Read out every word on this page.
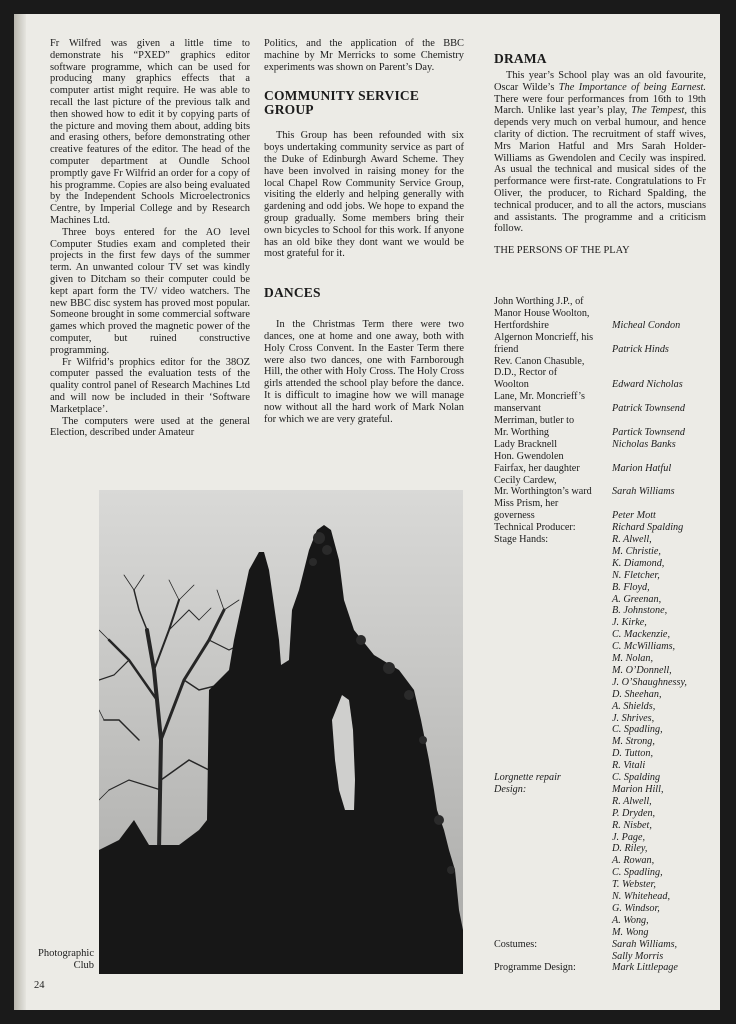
Fr Wilfred was given a little time to demonstrate his “PXED” graphics editor software programme, which can be used for producing many graphics effects that a computer artist might require. He was able to recall the last picture of the previous talk and then showed how to edit it by copying parts of the picture and moving them about, adding bits and erasing others, before demonstrating other creative features of the editor. The head of the computer department at Oundle School promptly gave Fr Wilfrid an order for a copy of his programme. Copies are also being evaluated by the Independent Schools Microelectronics Centre, by Imperial College and by Research Machines Ltd.

Three boys entered for the AO level Computer Studies exam and completed their projects in the first few days of the summer term. An unwanted colour TV set was kindly given to Ditcham so their computer could be kept apart form the TV/ video watchers. The new BBC disc system has proved most popular. Someone brought in some commercial software games which proved the magnetic power of the computer, but ruined constructive programming.

Fr Wilfrid’s prophics editor for the 38OZ computer passed the evaluation tests of the quality control panel of Research Machines Ltd and will now be included in their ‘Software Marketplace’.

The computers were used at the general Election, described under Amateur

Politics, and the application of the BBC machine by Mr Merricks to some Chemistry experiments was shown on Parent’s Day.

COMMUNITY SERVICE GROUP

This Group has been refounded with six boys undertaking community service as part of the Duke of Edinburgh Award Scheme. They have been involved in raising money for the local Chapel Row Community Service Group, visiting the elderly and helping generally with gardening and odd jobs. We hope to expand the group gradually. Some members bring their own bicycles to School for this work. If anyone has an old bike they dont want we would be most grateful for it.

DANCES

In the Christmas Term there were two dances, one at home and one away, both with Holy Cross Convent. In the Easter Term there were also two dances, one with Farnborough Hill, the other with Holy Cross. The Holy Cross girls attended the school play before the dance. It is difficult to imagine how we will manage now without all the hard work of Mark Nolan for which we are very grateful.

DRAMA

This year’s School play was an old favourite, Oscar Wilde’s The Importance of being Earnest. There were four performances from 16th to 19th March. Unlike last year’s play, The Tempest, this depends very much on verbal humour, and hence clarity of diction. The recruitment of staff wives, Mrs Marion Hatful and Mrs Sarah Holder-Williams as Gwendolen and Cecily was inspired. As usual the technical and musical sides of the performance were first-rate. Congratulations to Fr Oliver, the producer, to Richard Spalding, the technical producer, and to all the actors, muscians and assistants. The programme and a criticism follow.

THE PERSONS OF THE PLAY
John Worthing J.P., of
Manor House Woolton,
Hertfordshire	Micheal Condon
Algernon Moncrieff, his
friend	Patrick Hinds
Rev. Canon Chasuble,
D.D., Rector of
Woolton	Edward Nicholas
Lane, Mr. Moncrieff’s
manservant	Patrick Townsend
Merriman, butler to
Mr. Worthing	Partick Townsend
Lady Bracknell	Nicholas Banks
Hon. Gwendolen
Fairfax, her daughter	Marion Hatful
Cecily Cardew,
Mr. Worthington’s ward	Sarah Williams
Miss Prism, her
governess	Peter Mott
Technical Producer:	Richard Spalding
Stage Hands:	R. Alwell,
M. Christie,
K. Diamond,
N. Fletcher,
B. Floyd,
A. Greenan,
B. Johnstone,
J. Kirke,
C. Mackenzie,
C. McWilliams,
M. Nolan,
M. O’Donnell,
J. O’Shaughnessy,
D. Sheehan,
A. Shields,
J. Shrives,
C. Spadling,
M. Strong,
D. Tutton,
R. Vitali
Lorgnette repair	C. Spalding
Design:	Marion Hill,
R. Alwell,
P. Dryden,
R. Nisbet,
J. Page,
D. Riley,
A. Rowan,
C. Spadling,
T. Webster,
N. Whitehead,
G. Windsor,
A. Wong,
M. Wong
Costumes:	Sarah Williams,
Sally Morris
Programme Design:	Mark Littlepage
Photographic
Club
24
